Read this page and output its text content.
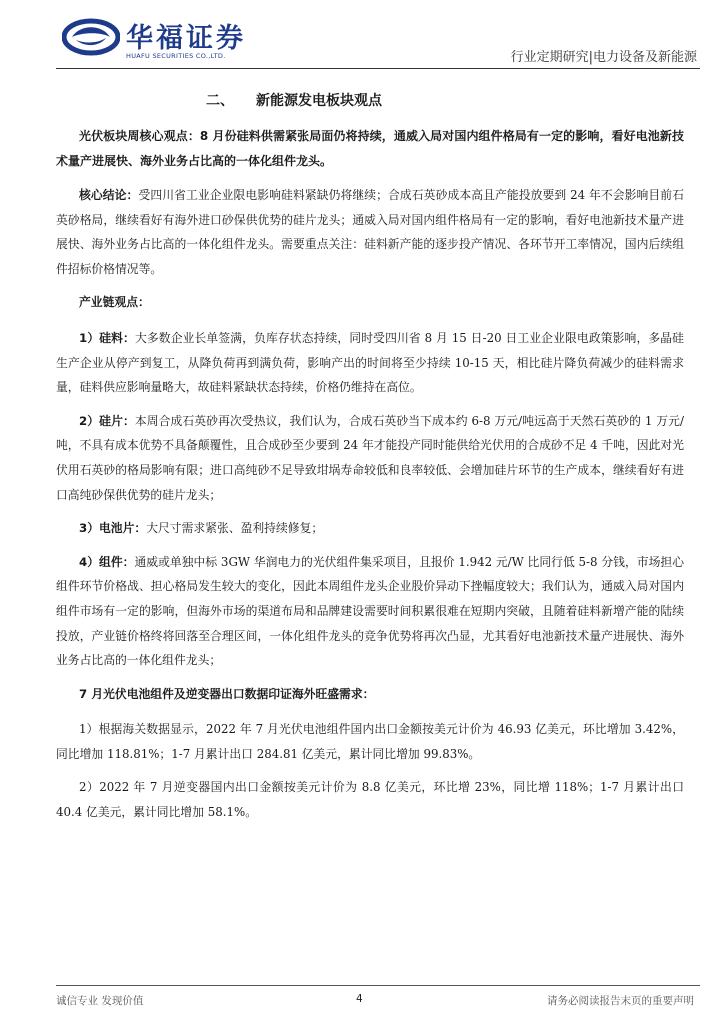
华福证券
HUAFU SECURITIES CO.,LTD.	行业定期研究|电力设备及新能源
二、 新能源发电板块观点

光伏板块周核心观点：8 月份硅料供需紧张局面仍将持续，通威入局对国内组件格局有一定的影响，看好电池新技术量产进展快、海外业务占比高的一体化组件龙头。

核心结论：受四川省工业企业限电影响硅料紧缺仍将继续；合成石英砂成本高且产能投放要到 24 年不会影响目前石英砂格局，继续看好有海外进口砂保供优势的硅片龙头；通威入局对国内组件格局有一定的影响，看好电池新技术量产进展快、海外业务占比高的一体化组件龙头。需要重点关注：硅料新产能的逐步投产情况、各环节开工率情况，国内后续组件招标价格情况等。

产业链观点：

1）硅料：大多数企业长单签满，负库存状态持续，同时受四川省 8 月 15 日-20 日工业企业限电政策影响，多晶硅生产企业从停产到复工，从降负荷再到满负荷，影响产出的时间将至少持续 10-15 天，相比硅片降负荷减少的硅料需求量，硅料供应影响量略大，故硅料紧缺状态持续，价格仍维持在高位。

2）硅片：本周合成石英砂再次受热议，我们认为，合成石英砂当下成本约 6-8 万元/吨远高于天然石英砂的 1 万元/吨，不具有成本优势不具备颠覆性，且合成砂至少要到 24 年才能投产同时能供给光伏用的合成砂不足 4 千吨，因此对光伏用石英砂的格局影响有限；进口高纯砂不足导致坩埚寿命较低和良率较低、会增加硅片环节的生产成本，继续看好有进口高纯砂保供优势的硅片龙头；

3）电池片：大尺寸需求紧张、盈利持续修复；

4）组件：通威或单独中标 3GW 华润电力的光伏组件集采项目，且报价 1.942 元/W 比同行低 5-8 分钱，市场担心组件环节价格战、担心格局发生较大的变化，因此本周组件龙头企业股价异动下挫幅度较大；我们认为，通威入局对国内组件市场有一定的影响，但海外市场的渠道布局和品牌建设需要时间积累很难在短期内突破，且随着硅料新增产能的陆续投放，产业链价格终将回落至合理区间，一体化组件龙头的竞争优势将再次凸显，尤其看好电池新技术量产进展快、海外业务占比高的一体化组件龙头；

7 月光伏电池组件及逆变器出口数据印证海外旺盛需求：

1）根据海关数据显示，2022 年 7 月光伏电池组件国内出口金额按美元计价为 46.93 亿美元，环比增加 3.42%，同比增加 118.81%；1-7 月累计出口 284.81 亿美元，累计同比增加 99.83%。

2）2022 年 7 月逆变器国内出口金额按美元计价为 8.8 亿美元，环比增 23%，同比增 118%；1-7 月累计出口 40.4 亿美元，累计同比增加 58.1%。

诚信专业 发现价值	4	请务必阅读报告末页的重要声明
